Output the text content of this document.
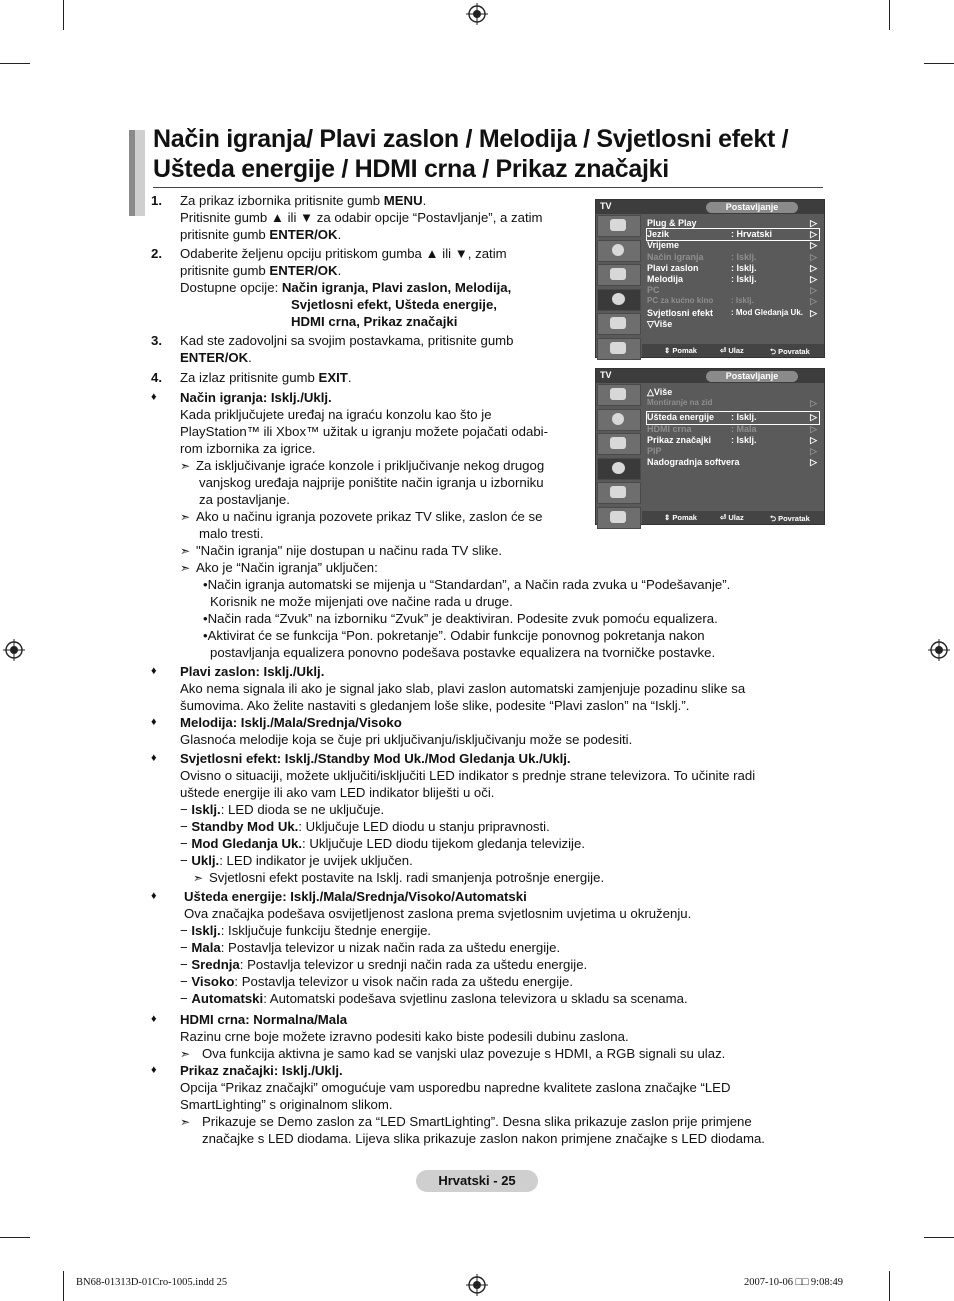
Način igranja/ Plavi zaslon / Melodija / Svjetlosni efekt /
Ušteda energije / HDMI crna / Prikaz značajki
1. Za prikaz izbornika pritisnite gumb MENU.
Pritisnite gumb ▲ ili ▼ za odabir opcije “Postavljanje”, a zatim
pritisnite gumb ENTER/OK.
2. Odaberite željenu opciju pritiskom gumba ▲ ili ▼, zatim
pritisnite gumb ENTER/OK.
Dostupne opcije: Način igranja, Plavi zaslon, Melodija,
Svjetlosni efekt, Ušteda energije,
HDMI crna, Prikaz značajki
3. Kad ste zadovoljni sa svojim postavkama, pritisnite gumb
ENTER/OK.
4. Za izlaz pritisnite gumb EXIT.
♦ Način igranja: Isklj./Uklj.
Kada priključujete uređaj na igraću konzolu kao što je
PlayStation™ ili Xbox™ užitak u igranju možete pojačati odabi-
rom izbornika za igrice.
➣ Za isključivanje igraće konzole i priključivanje nekog drugog
vanjskog uređaja najprije poništite način igranja u izborniku
za postavljanje.
➣ Ako u načinu igranja pozovete prikaz TV slike, zaslon će se
malo tresti.
➣ "Način igranja" nije dostupan u načinu rada TV slike.
➣ Ako je “Način igranja” uključen:
•Način igranja automatski se mijenja u “Standardan”, a Način rada zvuka u “Podešavanje”.
Korisnik ne može mijenjati ove načine rada u druge.
•Način rada “Zvuk” na izborniku “Zvuk” je deaktiviran. Podesite zvuk pomoću equalizera.
•Aktivirat će se funkcija “Pon. pokretanje”. Odabir funkcije ponovnog pokretanja nakon
postavljanja equalizera ponovno podešava postavke equalizera na tvorničke postavke.
♦ Plavi zaslon: Isklj./Uklj.
Ako nema signala ili ako je signal jako slab, plavi zaslon automatski zamjenjuje pozadinu slike sa
šumovima. Ako želite nastaviti s gledanjem loše slike, podesite “Plavi zaslon” na “Isklj.”.
♦ Melodija: Isklj./Mala/Srednja/Visoko
Glasnoća melodije koja se čuje pri uključivanju/isključivanju može se podesiti.
♦ Svjetlosni efekt: Isklj./Standby Mod Uk./Mod Gledanja Uk./Uklj.
Ovisno o situaciji, možete uključiti/isključiti LED indikator s prednje strane televizora. To učinite radi
uštede energije ili ako vam LED indikator bliješti u oči.
− Isklj.: LED dioda se ne uključuje.
− Standby Mod Uk.: Uključuje LED diodu u stanju pripravnosti.
− Mod Gledanja Uk.: Uključuje LED diodu tijekom gledanja televizije.
− Uklj.: LED indikator je uvijek uključen.
➣ Svjetlosni efekt postavite na Isklj. radi smanjenja potrošnje energije.
♦ Ušteda energije: Isklj./Mala/Srednja/Visoko/Automatski
Ova značajka podešava osvijetljenost zaslona prema svjetlosnim uvjetima u okruženju.
− Isklj.: Isključuje funkciju štednje energije.
− Mala: Postavlja televizor u nizak način rada za uštedu energije.
− Srednja: Postavlja televizor u srednji način rada za uštedu energije.
− Visoko: Postavlja televizor u visok način rada za uštedu energije.
− Automatski: Automatski podešava svjetlinu zaslona televizora u skladu sa scenama.
♦ HDMI crna: Normalna/Mala
Razinu crne boje možete izravno podesiti kako biste podesili dubinu zaslona.
➣ Ova funkcija aktivna je samo kad se vanjski ulaz povezuje s HDMI, a RGB signali su ulaz.
♦ Prikaz značajki: Isklj./Uklj.
Opcija “Prikaz značajki” omogućuje vam usporedbu napredne kvalitete zaslona značajke “LED
SmartLighting” s originalnom slikom.
➣ Prikazuje se Demo zaslon za “LED SmartLighting”. Desna slika prikazuje zaslon prije primjene
značajke s LED diodama. Lijeva slika prikazuje zaslon nakon primjene značajke s LED diodama.
TV	Postavljanje
Plug & Play	▷
Jezik	: Hrvatski	▷
Vrijeme	▷
Način igranja	: Isklj.	▷
Plavi zaslon	: Isklj.	▷
Melodija	: Isklj.	▷
PC	▷
PC za kućno kino : Isklj.	▷
Svjetlosni efekt : Mod Gledanja Uk. ▷
▽Više
⇕ Pomak	⏎ Ulaz	⮌ Povratak
TV	Postavljanje
△Više
Montiranje na zid	▷
Ušteda energije : Isklj.	▷
HDMI crna	: Mala	▷
Prikaz značajki : Isklj.	▷
PIP	▷
Nadogradnja softvera	▷
⇕ Pomak	⏎ Ulaz	⮌ Povratak
Hrvatski - 25
BN68-01313D-01Cro-1005.indd 25	2007-10-06 □□ 9:08:49
